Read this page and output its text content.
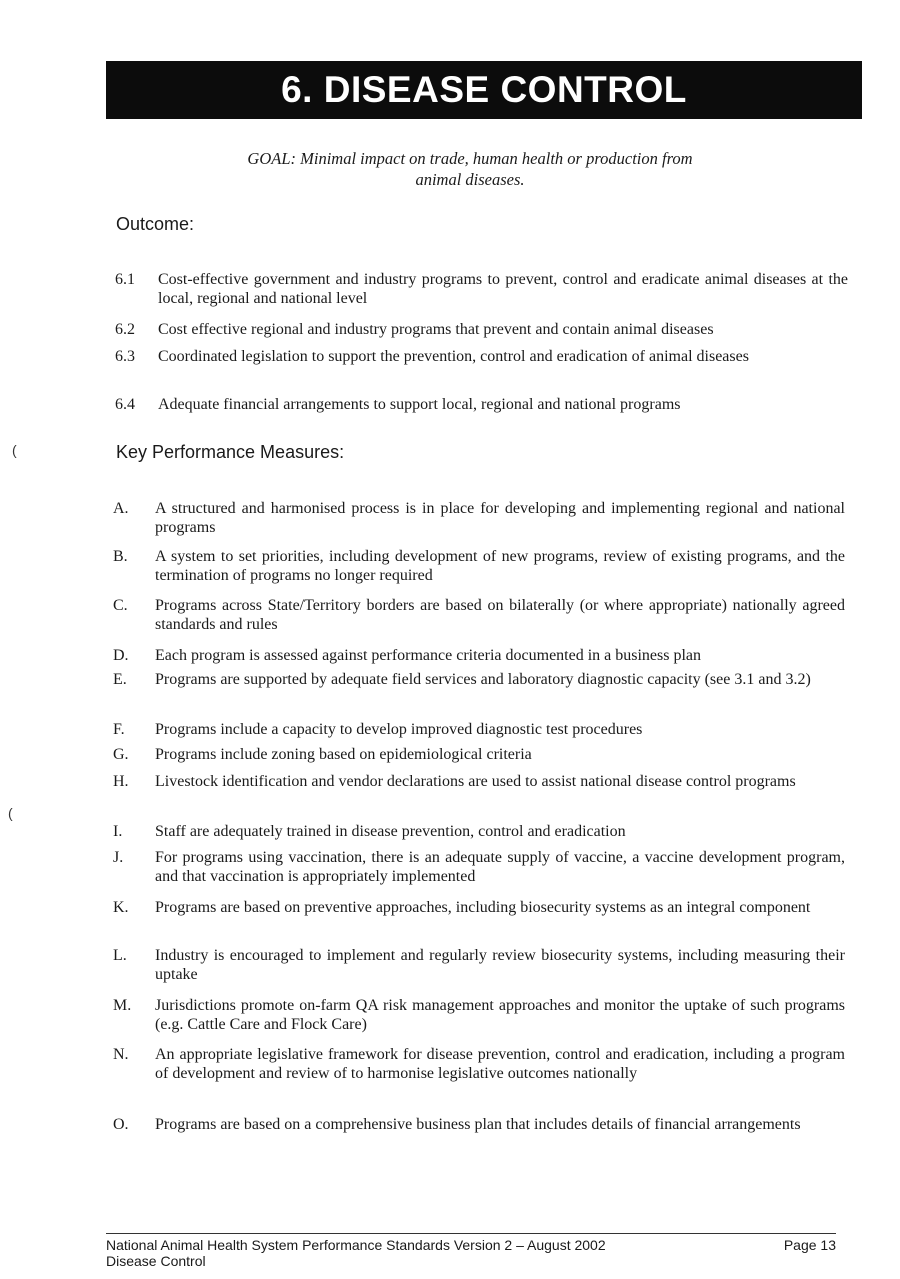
6. DISEASE CONTROL
GOAL: Minimal impact on trade, human health or production from
animal diseases.
Outcome:
6.1 Cost-effective government and industry programs to prevent, control and eradicate animal diseases at the local, regional and national level
6.2 Cost effective regional and industry programs that prevent and contain animal diseases
6.3 Coordinated legislation to support the prevention, control and eradication of animal diseases
6.4 Adequate financial arrangements to support local, regional and national programs
(	Key Performance Measures:
A. A structured and harmonised process is in place for developing and implementing regional and national programs
B. A system to set priorities, including development of new programs, review of existing programs, and the termination of programs no longer required
C. Programs across State/Territory borders are based on bilaterally (or where appropriate) nationally agreed standards and rules
D. Each program is assessed against performance criteria documented in a business plan
E. Programs are supported by adequate field services and laboratory diagnostic capacity (see 3.1 and 3.2)
F. Programs include a capacity to develop improved diagnostic test procedures
G. Programs include zoning based on epidemiological criteria
H. Livestock identification and vendor declarations are used to assist national disease control programs
I. Staff are adequately trained in disease prevention, control and eradication
J. For programs using vaccination, there is an adequate supply of vaccine, a vaccine development program, and that vaccination is appropriately implemented
K. Programs are based on preventive approaches, including biosecurity systems as an integral component
L. Industry is encouraged to implement and regularly review biosecurity systems, including measuring their uptake
M. Jurisdictions promote on-farm QA risk management approaches and monitor the uptake of such programs (e.g. Cattle Care and Flock Care)
N. An appropriate legislative framework for disease prevention, control and eradication, including a program of development and review of to harmonise legislative outcomes nationally
O. Programs are based on a comprehensive business plan that includes details of financial arrangements
(
National Animal Health System Performance Standards Version 2 – August 2002	Page 13
Disease Control
